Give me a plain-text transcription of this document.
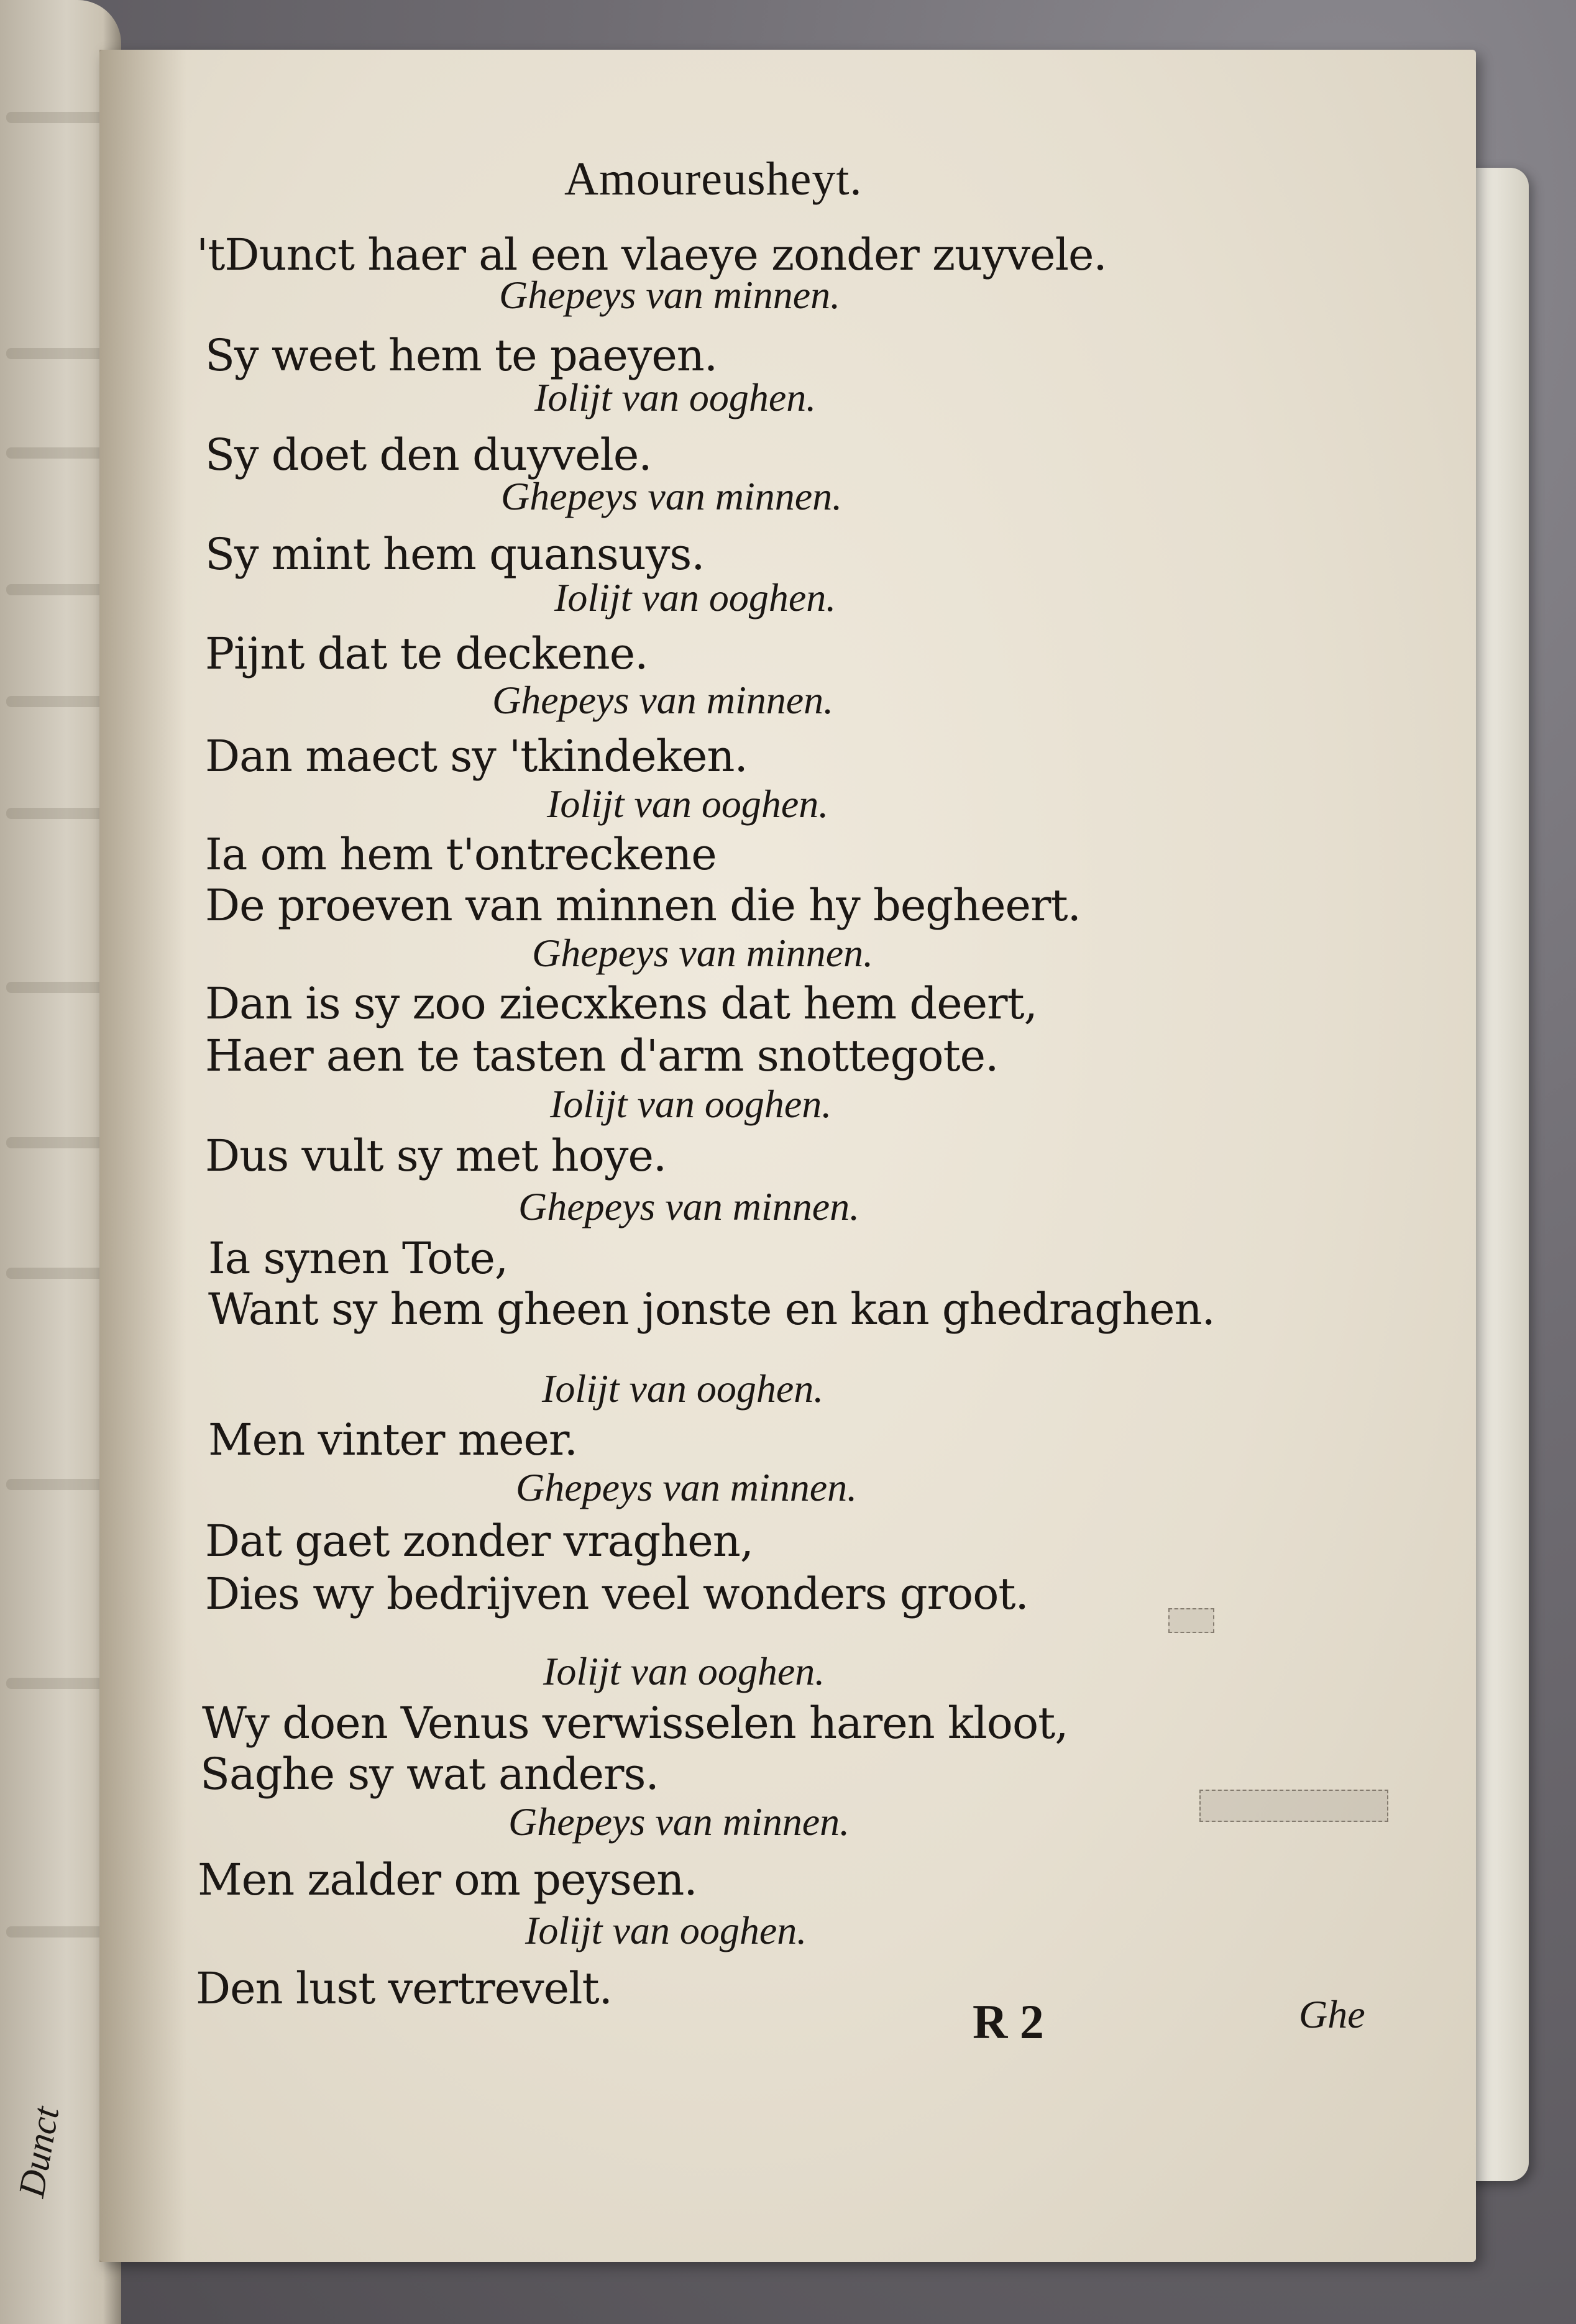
Dunct
Amoureusheyt.
'tDunct haer al een vlaeye zonder zuyvele.
Ghepeys van minnen.
Sy weet hem te paeyen.
Iolijt van ooghen.
Sy doet den duyvele.
Ghepeys van minnen.
Sy mint hem quansuys.
Iolijt van ooghen.
Pijnt dat te deckene.
Ghepeys van minnen.
Dan maect sy 'tkindeken.
Iolijt van ooghen.
Ia om hem t'ontreckene
De proeven van minnen die hy begheert.
Ghepeys van minnen.
Dan is sy zoo ziecxkens dat hem deert,
Haer aen te tasten d'arm snottegote.
Iolijt van ooghen.
Dus vult sy met hoye.
Ghepeys van minnen.
Ia synen Tote,
Want sy hem gheen jonste en kan ghedraghen.
Iolijt van ooghen.
Men vinter meer.
Ghepeys van minnen.
Dat gaet zonder vraghen,
Dies wy bedrijven veel wonders groot.
Iolijt van ooghen.
Wy doen Venus verwisselen haren kloot,
Saghe sy wat anders.
Ghepeys van minnen.
Men zalder om peysen.
Iolijt van ooghen.
Den lust vertrevelt.
R 2	Ghe
